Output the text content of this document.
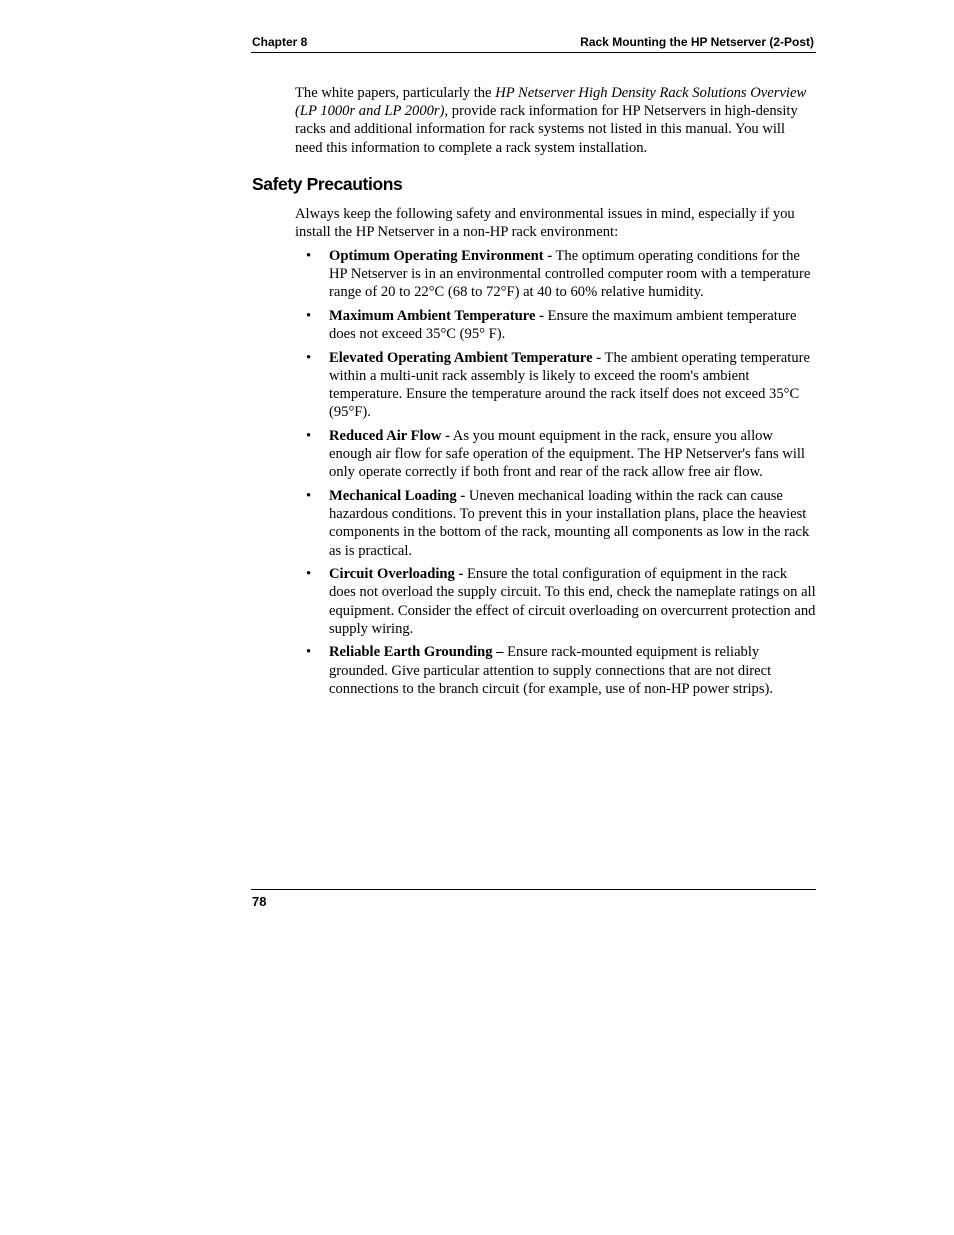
Chapter 8	Rack Mounting the HP Netserver (2-Post)

The white papers, particularly the HP Netserver High Density Rack Solutions Overview (LP 1000r and LP 2000r), provide rack information for HP Netservers in high-density racks and additional information for rack systems not listed in this manual. You will need this information to complete a rack system installation.

Safety Precautions

Always keep the following safety and environmental issues in mind, especially if you install the HP Netserver in a non-HP rack environment:

• Optimum Operating Environment - The optimum operating conditions for the HP Netserver is in an environmental controlled computer room with a temperature range of 20 to 22°C (68 to 72°F) at 40 to 60% relative humidity.
• Maximum Ambient Temperature - Ensure the maximum ambient temperature does not exceed 35°C (95° F).
• Elevated Operating Ambient Temperature - The ambient operating temperature within a multi-unit rack assembly is likely to exceed the room's ambient temperature. Ensure the temperature around the rack itself does not exceed 35°C (95°F).
• Reduced Air Flow - As you mount equipment in the rack, ensure you allow enough air flow for safe operation of the equipment. The HP Netserver's fans will only operate correctly if both front and rear of the rack allow free air flow.
• Mechanical Loading - Uneven mechanical loading within the rack can cause hazardous conditions. To prevent this in your installation plans, place the heaviest components in the bottom of the rack, mounting all components as low in the rack as is practical.
• Circuit Overloading - Ensure the total configuration of equipment in the rack does not overload the supply circuit. To this end, check the nameplate ratings on all equipment. Consider the effect of circuit overloading on overcurrent protection and supply wiring.
• Reliable Earth Grounding – Ensure rack-mounted equipment is reliably grounded. Give particular attention to supply connections that are not direct connections to the branch circuit (for example, use of non-HP power strips).
78
